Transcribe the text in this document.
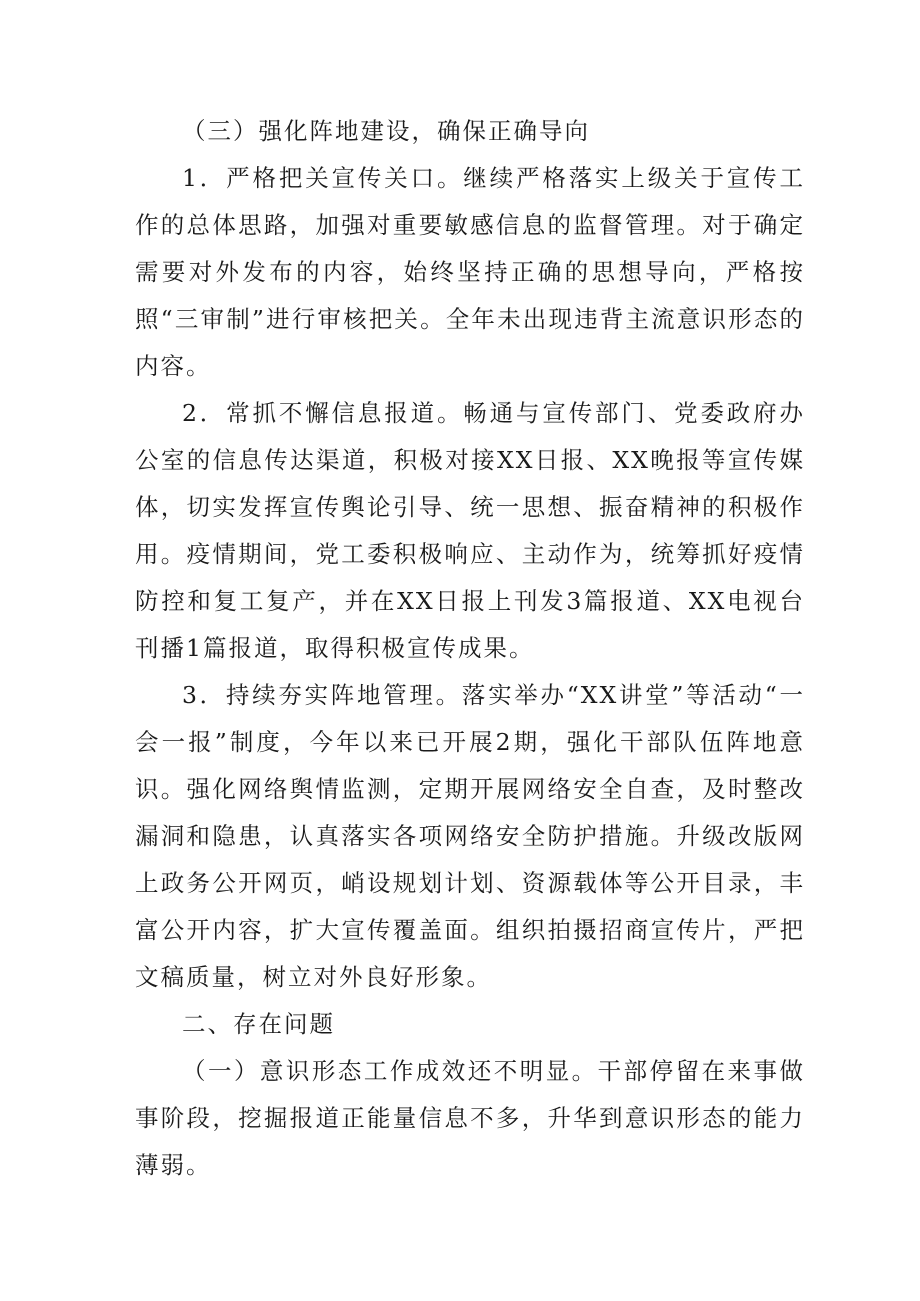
（三）强化阵地建设，确保正确导向

1．严格把关宣传关口。继续严格落实上级关于宣传工作的总体思路，加强对重要敏感信息的监督管理。对于确定需要对外发布的内容，始终坚持正确的思想导向，严格按照“三审制”进行审核把关。全年未出现违背主流意识形态的内容。

2．常抓不懈信息报道。畅通与宣传部门、党委政府办公室的信息传达渠道，积极对接XX日报、XX晚报等宣传媒体，切实发挥宣传舆论引导、统一思想、振奋精神的积极作用。疫情期间，党工委积极响应、主动作为，统筹抓好疫情防控和复工复产，并在XX日报上刊发3篇报道、XX电视台刊播1篇报道，取得积极宣传成果。

3．持续夯实阵地管理。落实举办“XX讲堂”等活动“一会一报”制度，今年以来已开展2期，强化干部队伍阵地意识。强化网络舆情监测，定期开展网络安全自查，及时整改漏洞和隐患，认真落实各项网络安全防护措施。升级改版网上政务公开网页，峭设规划计划、资源载体等公开目录，丰富公开内容，扩大宣传覆盖面。组织拍摄招商宣传片，严把文稿质量，树立对外良好形象。

二、存在问题

（一）意识形态工作成效还不明显。干部停留在来事做事阶段，挖掘报道正能量信息不多，升华到意识形态的能力薄弱。
